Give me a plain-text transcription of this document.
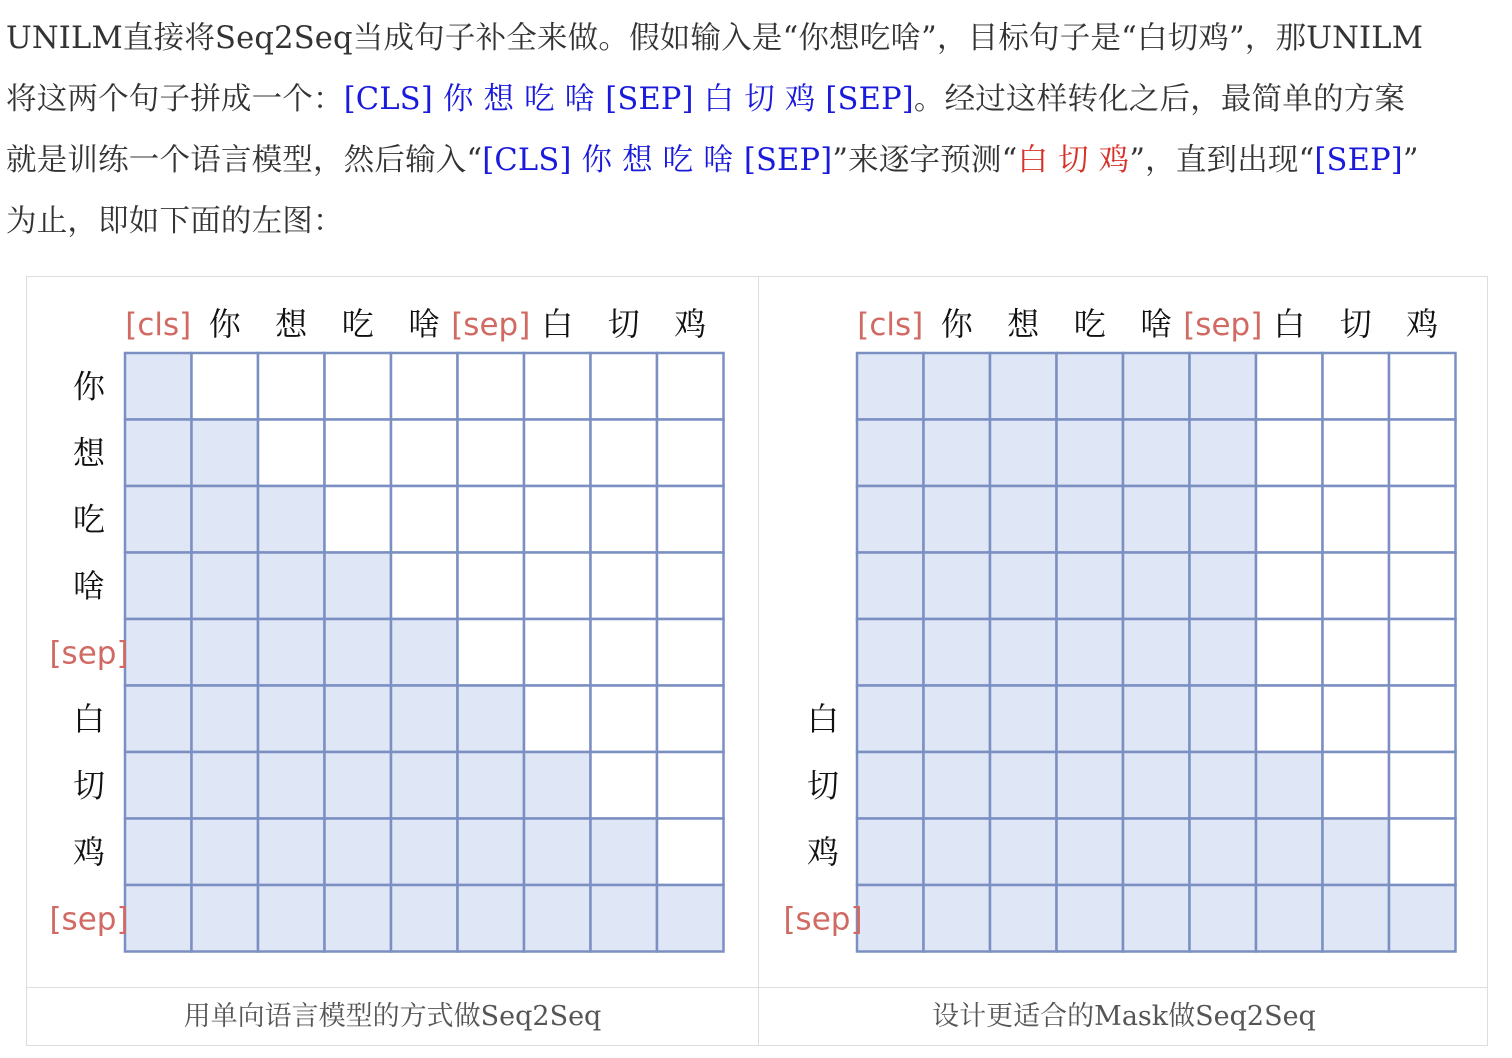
UNILM直接将Seq2Seq当成句子补全来做。假如输入是“你想吃啥”，目标句子是“白切鸡”，那UNILM
将这两个句子拼成一个：[CLS] 你 想 吃 啥 [SEP] 白 切 鸡 [SEP]。经过这样转化之后，最简单的方案
就是训练一个语言模型，然后输入“[CLS] 你 想 吃 啥 [SEP]”来逐字预测“白 切 鸡”，直到出现“[SEP]”
为止，即如下面的左图：
[cls] 你 想 吃 啥 [sep] 白 切 鸡
你
想
吃
啥
[sep]
白
切
鸡
[sep]
[cls] 你 想 吃 啥 [sep] 白 切 鸡
白
切
鸡
[sep]
用单向语言模型的方式做Seq2Seq	设计更适合的Mask做Seq2Seq
